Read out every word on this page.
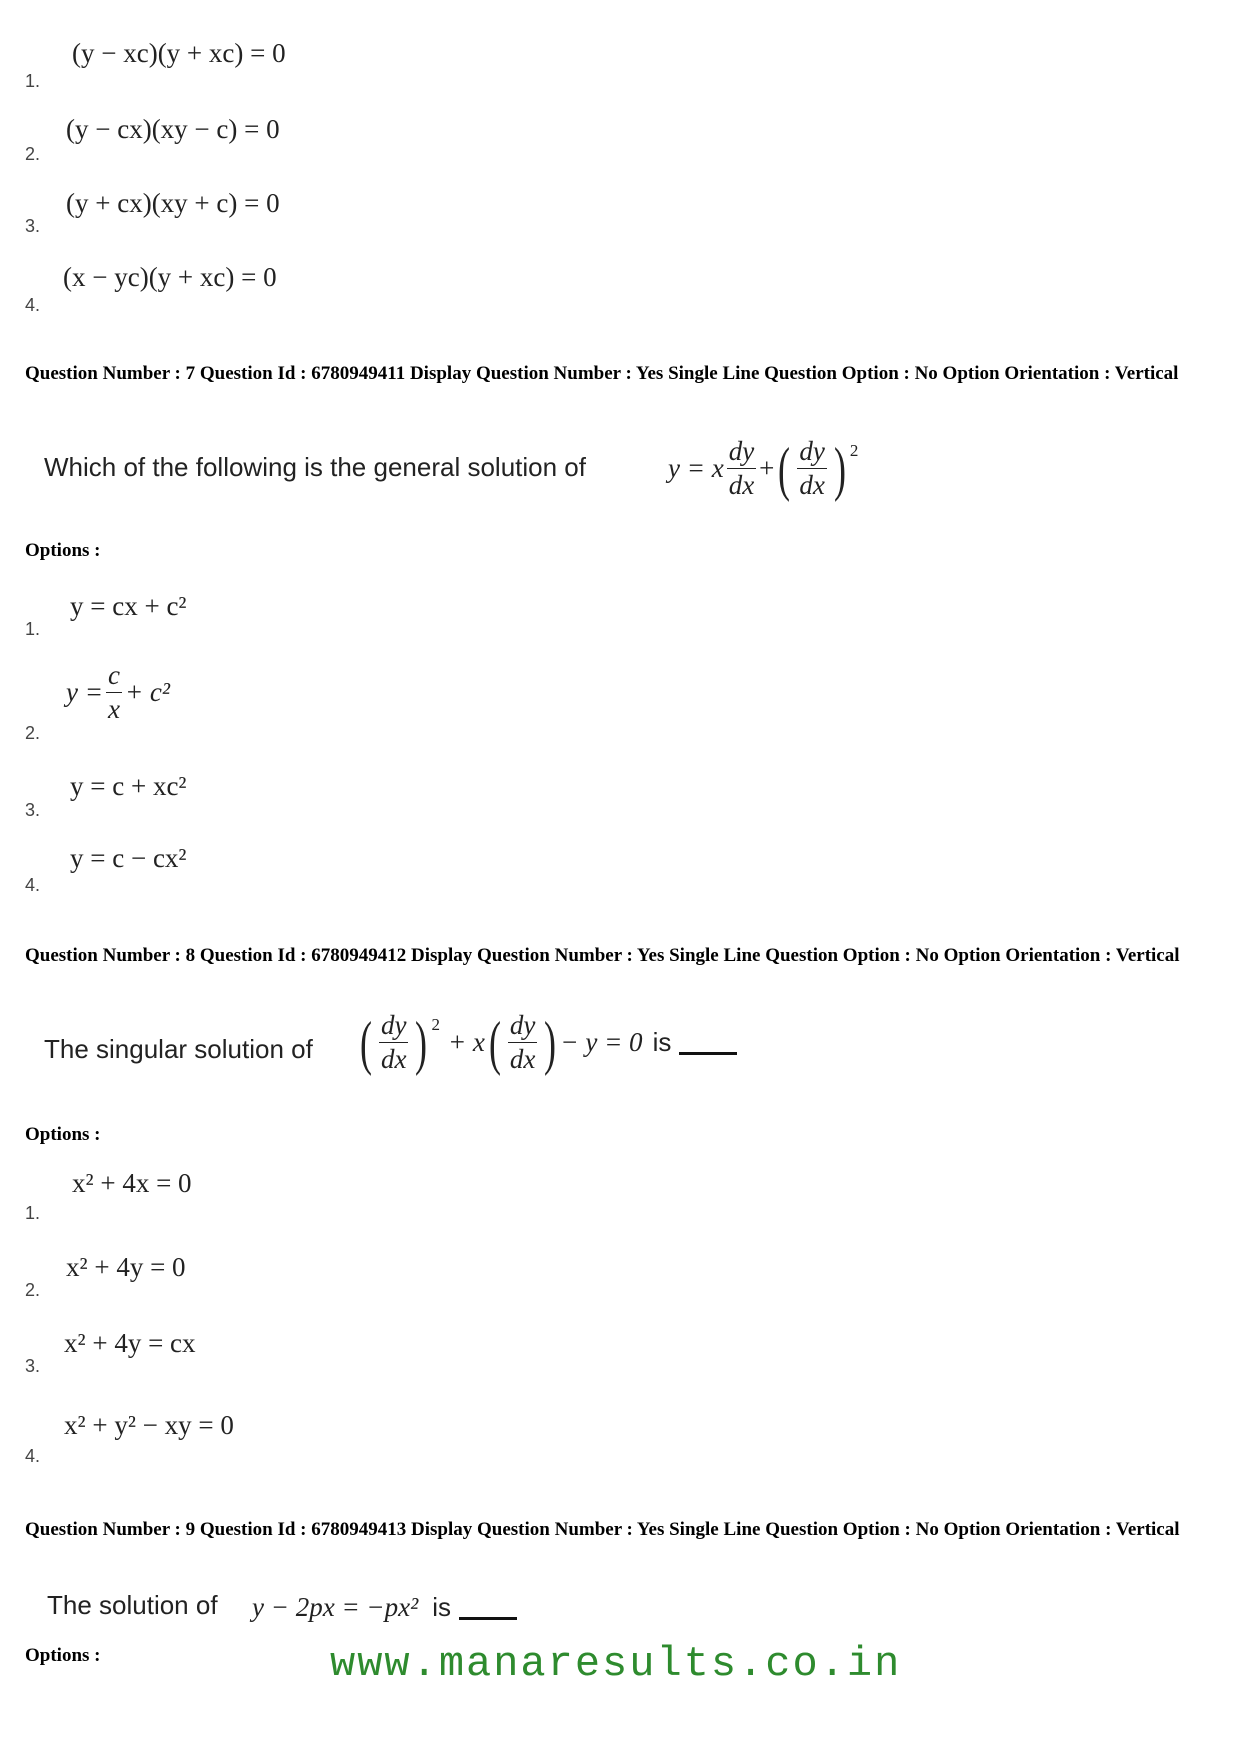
(y − xc)(y + xc) = 0
1.
(y − cx)(xy − c) = 0
2.
(y + cx)(xy + c) = 0
3.
(x − yc)(y + xc) = 0
4.
Question Number : 7 Question Id : 6780949411 Display Question Number : Yes Single Line Question Option : No Option Orientation : Vertical
Which of the following is the general solution of	y = x $\frac{dy}{dx}$ + ( $\frac{dy}{dx}$ ) 2
Options :
y = cx + c²
1.
$y = \frac{c}{x} + c^2$
2.
y = c + xc²
3.
y = c − cx²
4.
Question Number : 8 Question Id : 6780949412 Display Question Number : Yes Single Line Question Option : No Option Orientation : Vertical
The singular solution of ( $\frac{dy}{dx}$ ) 2
+ x ( $\frac{dy}{dx}$ ) − y = 0 is
Options :
x² + 4x = 0
1.
x² + 4y = 0
2.
x² + 4y = cx
3.
x² + y² − xy = 0
4.
Question Number : 9 Question Id : 6780949413 Display Question Number : Yes Single Line Question Option : No Option Orientation : Vertical
The solution of y − 2px = −px² is
Options :	www.manaresults.co.in
